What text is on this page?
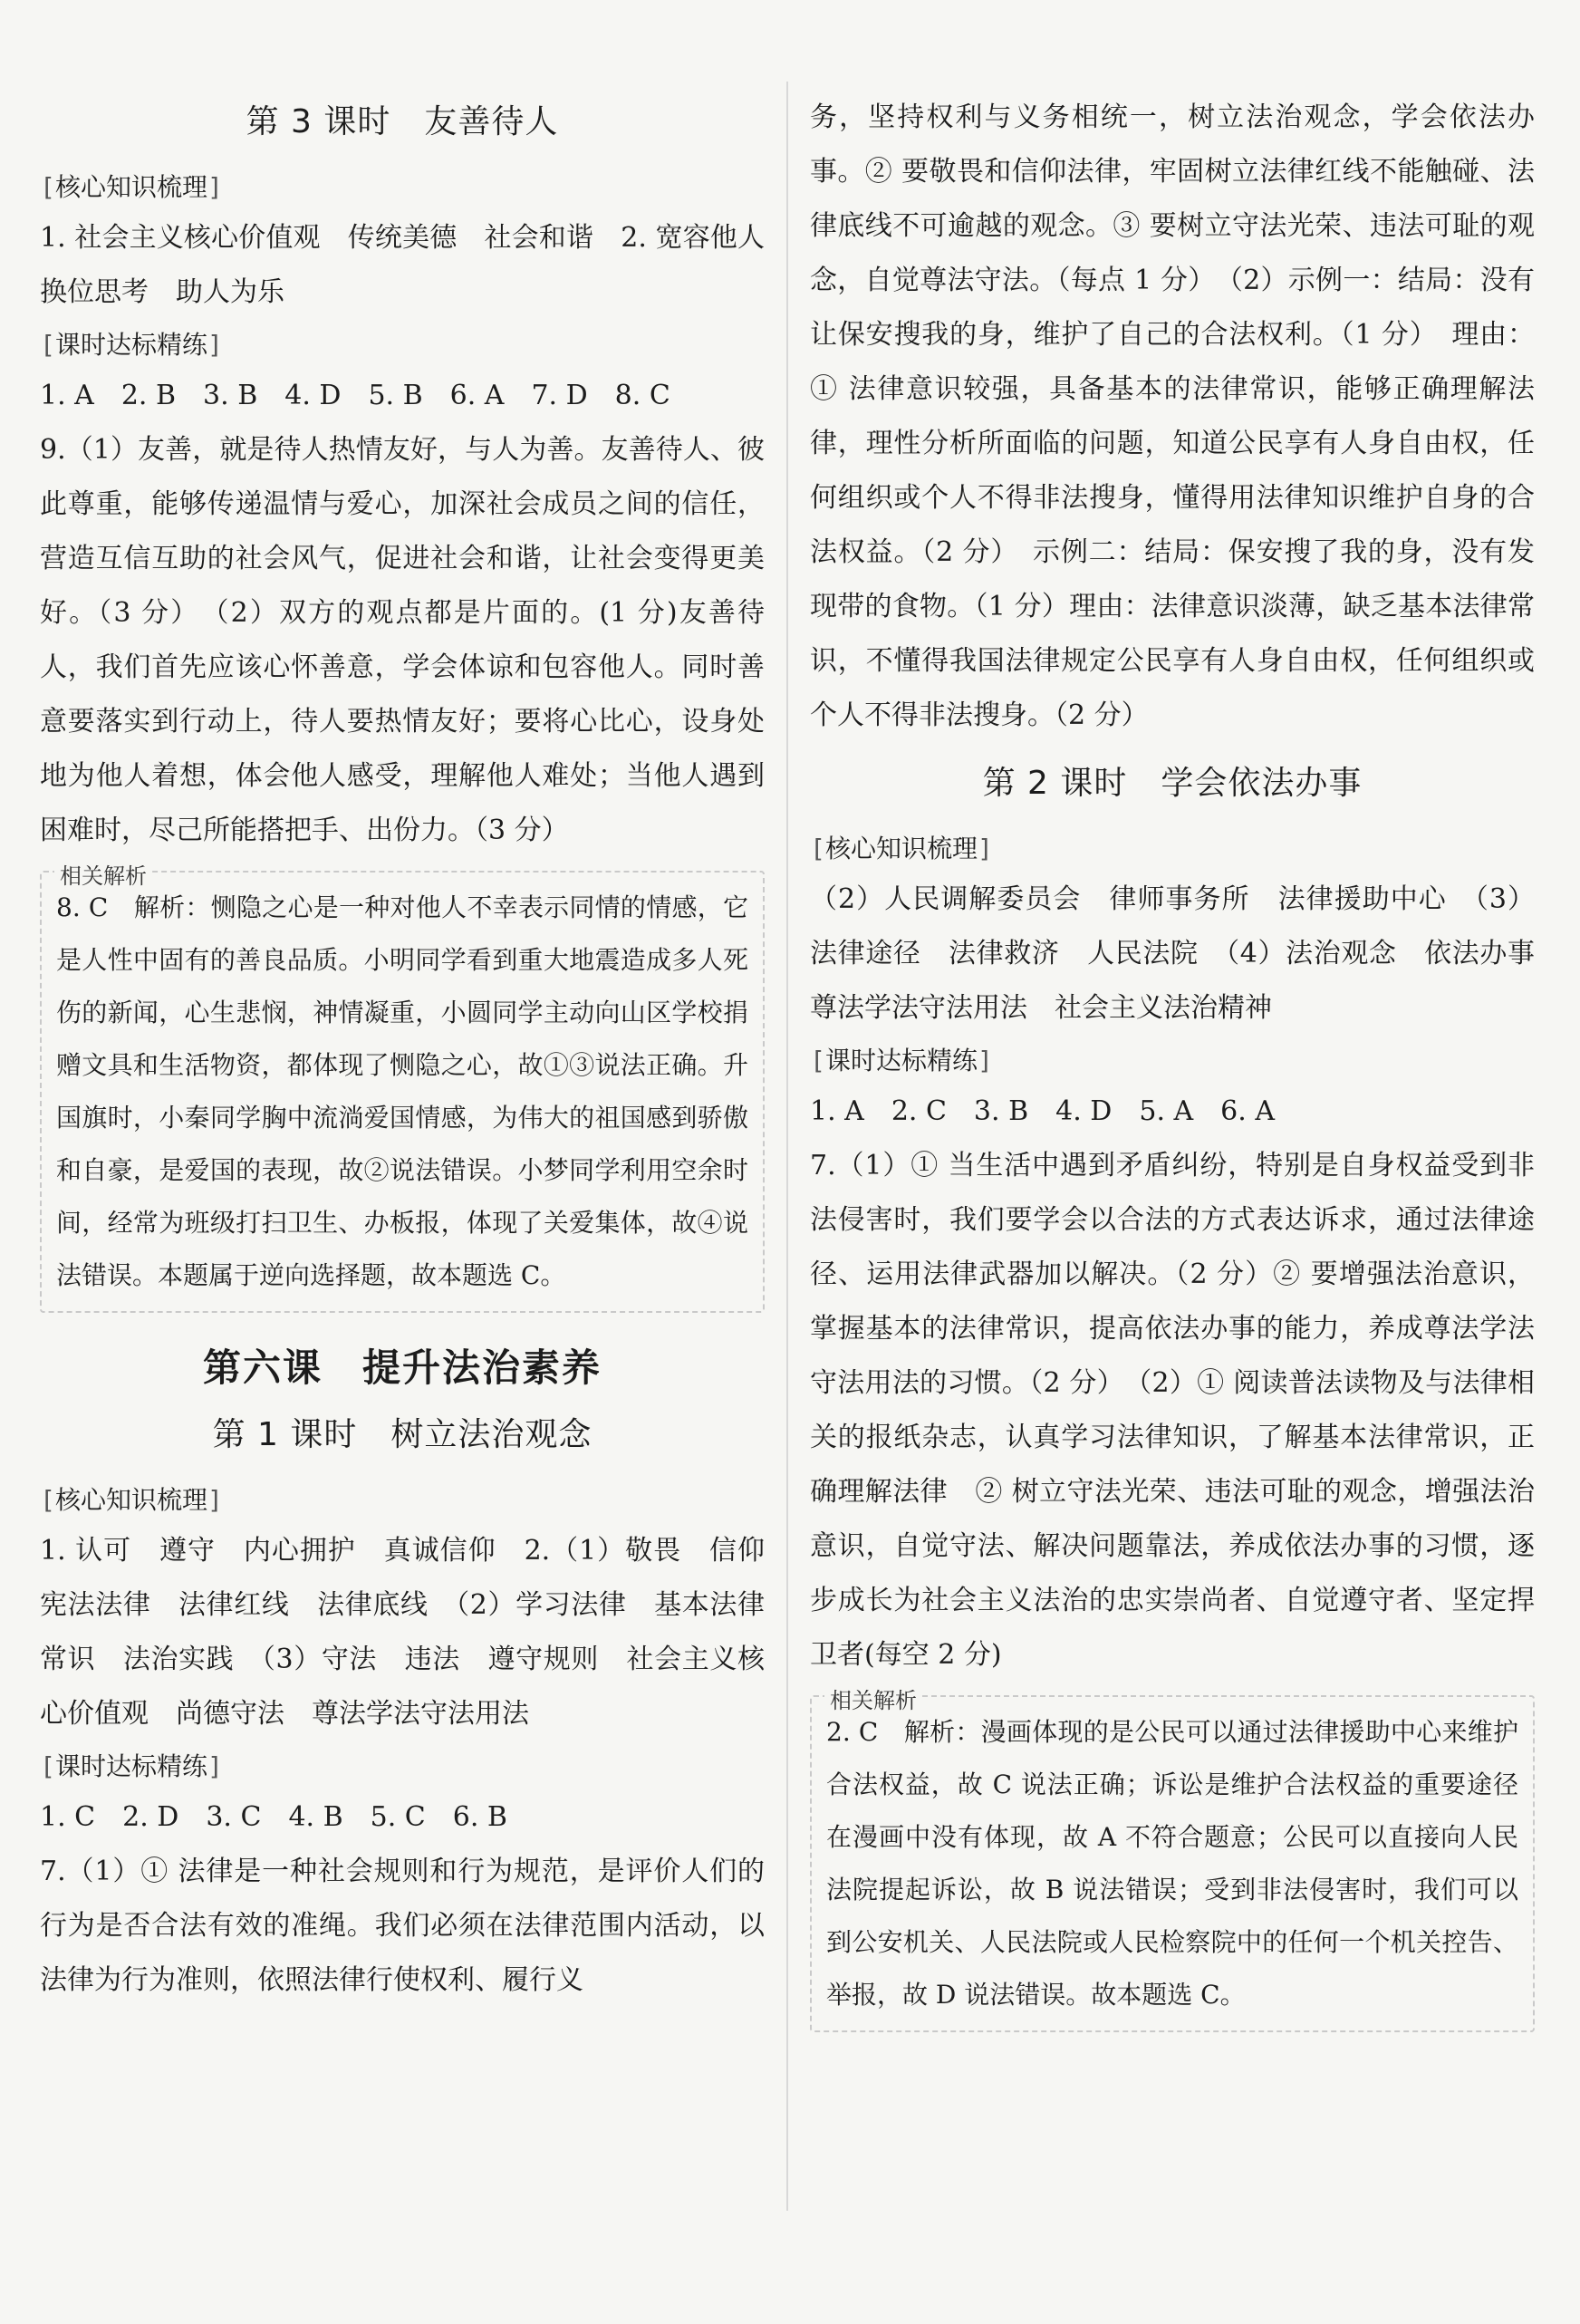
第 3 课时　友善待人
[ 核心知识梳理 ]

1. 社会主义核心价值观　传统美德　社会和谐　2. 宽容他人　换位思考　助人为乐

[ 课时达标精练 ]

1. A　2. B　3. B　4. D　5. B　6. A　7. D　8. C

9.（1）友善，就是待人热情友好，与人为善。友善待人、彼此尊重，能够传递温情与爱心，加深社会成员之间的信任，营造互信互助的社会风气，促进社会和谐，让社会变得更美好。（3 分）　（2）双方的观点都是片面的。(1 分)友善待人，我们首先应该心怀善意，学会体谅和包容他人。同时善意要落实到行动上，待人要热情友好；要将心比心，设身处地为他人着想，体会他人感受，理解他人难处；当他人遇到困难时，尽己所能搭把手、出份力。（3 分）

相关解析

8. C　解析：恻隐之心是一种对他人不幸表示同情的情感，它是人性中固有的善良品质。小明同学看到重大地震造成多人死伤的新闻，心生悲悯，神情凝重，小圆同学主动向山区学校捐赠文具和生活物资，都体现了恻隐之心，故①③说法正确。升国旗时，小秦同学胸中流淌爱国情感，为伟大的祖国感到骄傲和自豪，是爱国的表现，故②说法错误。小梦同学利用空余时间，经常为班级打扫卫生、办板报，体现了关爱集体，故④说法错误。本题属于逆向选择题，故本题选 C。

第六课　提升法治素养
第 1 课时　树立法治观念
[ 核心知识梳理 ]

1. 认可　遵守　内心拥护　真诚信仰　2.（1）敬畏　信仰　宪法法律　法律红线　法律底线　（2）学习法律　基本法律常识　法治实践　（3）守法　违法　遵守规则　社会主义核心价值观　尚德守法　尊法学法守法用法

[ 课时达标精练 ]

1. C　2. D　3. C　4. B　5. C　6. B

7.（1）① 法律是一种社会规则和行为规范，是评价人们的行为是否合法有效的准绳。我们必须在法律范围内活动，以法律为行为准则，依照法律行使权利、履行义

务，坚持权利与义务相统一，树立法治观念，学会依法办事。② 要敬畏和信仰法律，牢固树立法律红线不能触碰、法律底线不可逾越的观念。③ 要树立守法光荣、违法可耻的观念，自觉尊法守法。（每点 1 分）　（2）示例一：结局：没有让保安搜我的身，维护了自己的合法权利。（1 分）　理由：① 法律意识较强，具备基本的法律常识，能够正确理解法律，理性分析所面临的问题，知道公民享有人身自由权，任何组织或个人不得非法搜身，懂得用法律知识维护自身的合法权益。（2 分）　示例二：结局：保安搜了我的身，没有发现带的食物。（1 分）理由：法律意识淡薄，缺乏基本法律常识，不懂得我国法律规定公民享有人身自由权，任何组织或个人不得非法搜身。（2 分）

第 2 课时　学会依法办事
[ 核心知识梳理 ]

（2）人民调解委员会　律师事务所　法律援助中心　（3）法律途径　法律救济　人民法院　（4）法治观念　依法办事　尊法学法守法用法　社会主义法治精神

[ 课时达标精练 ]

1. A　2. C　3. B　4. D　5. A　6. A

7.（1）① 当生活中遇到矛盾纠纷，特别是自身权益受到非法侵害时，我们要学会以合法的方式表达诉求，通过法律途径、运用法律武器加以解决。（2 分）② 要增强法治意识，掌握基本的法律常识，提高依法办事的能力，养成尊法学法守法用法的习惯。（2 分）　（2）① 阅读普法读物及与法律相关的报纸杂志，认真学习法律知识，了解基本法律常识，正确理解法律　② 树立守法光荣、违法可耻的观念，增强法治意识，自觉守法、解决问题靠法，养成依法办事的习惯，逐步成长为社会主义法治的忠实崇尚者、自觉遵守者、坚定捍卫者(每空 2 分)

相关解析

2. C　解析：漫画体现的是公民可以通过法律援助中心来维护合法权益，故 C 说法正确；诉讼是维护合法权益的重要途径在漫画中没有体现，故 A 不符合题意；公民可以直接向人民法院提起诉讼，故 B 说法错误；受到非法侵害时，我们可以到公安机关、人民法院或人民检察院中的任何一个机关控告、举报，故 D 说法错误。故本题选 C。
